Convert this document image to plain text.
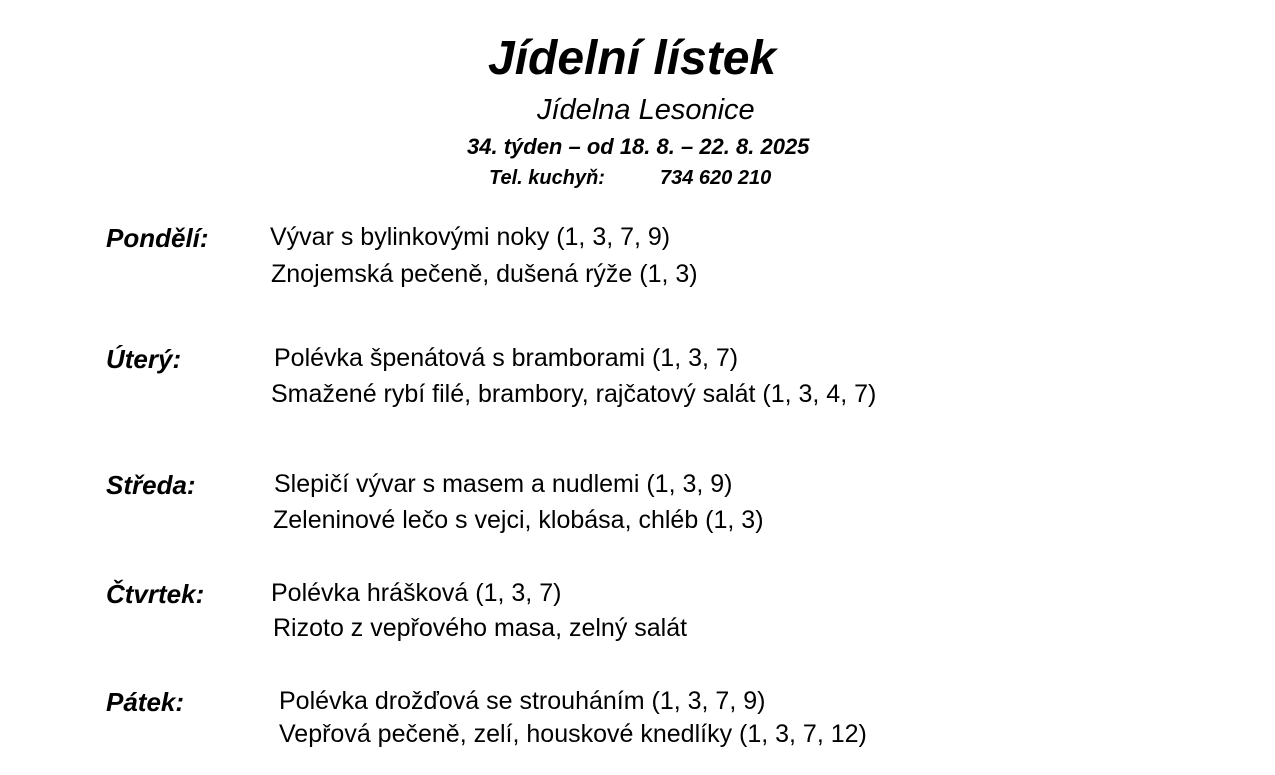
Jídelní lístek
Jídelna Lesonice
34. týden – od 18. 8. – 22. 8. 2025
Tel. kuchyň:	734 620 210
Pondělí: Vývar s bylinkovými noky (1, 3, 7, 9)
Znojemská pečeně, dušená rýže (1, 3)
Úterý:	Polévka špenátová s bramborami (1, 3, 7)
Smažené rybí filé, brambory, rajčatový salát (1, 3, 4, 7)
Středa:	Slepičí vývar s masem a nudlemi (1, 3, 9)
Zeleninové lečo s vejci, klobása, chléb (1, 3)
Čtvrtek:	Polévka hrášková (1, 3, 7)
Rizoto z vepřového masa, zelný salát
Pátek:	Polévka drožďová se strouháním (1, 3, 7, 9)
Vepřová pečeně, zelí, houskové knedlíky (1, 3, 7, 12)
